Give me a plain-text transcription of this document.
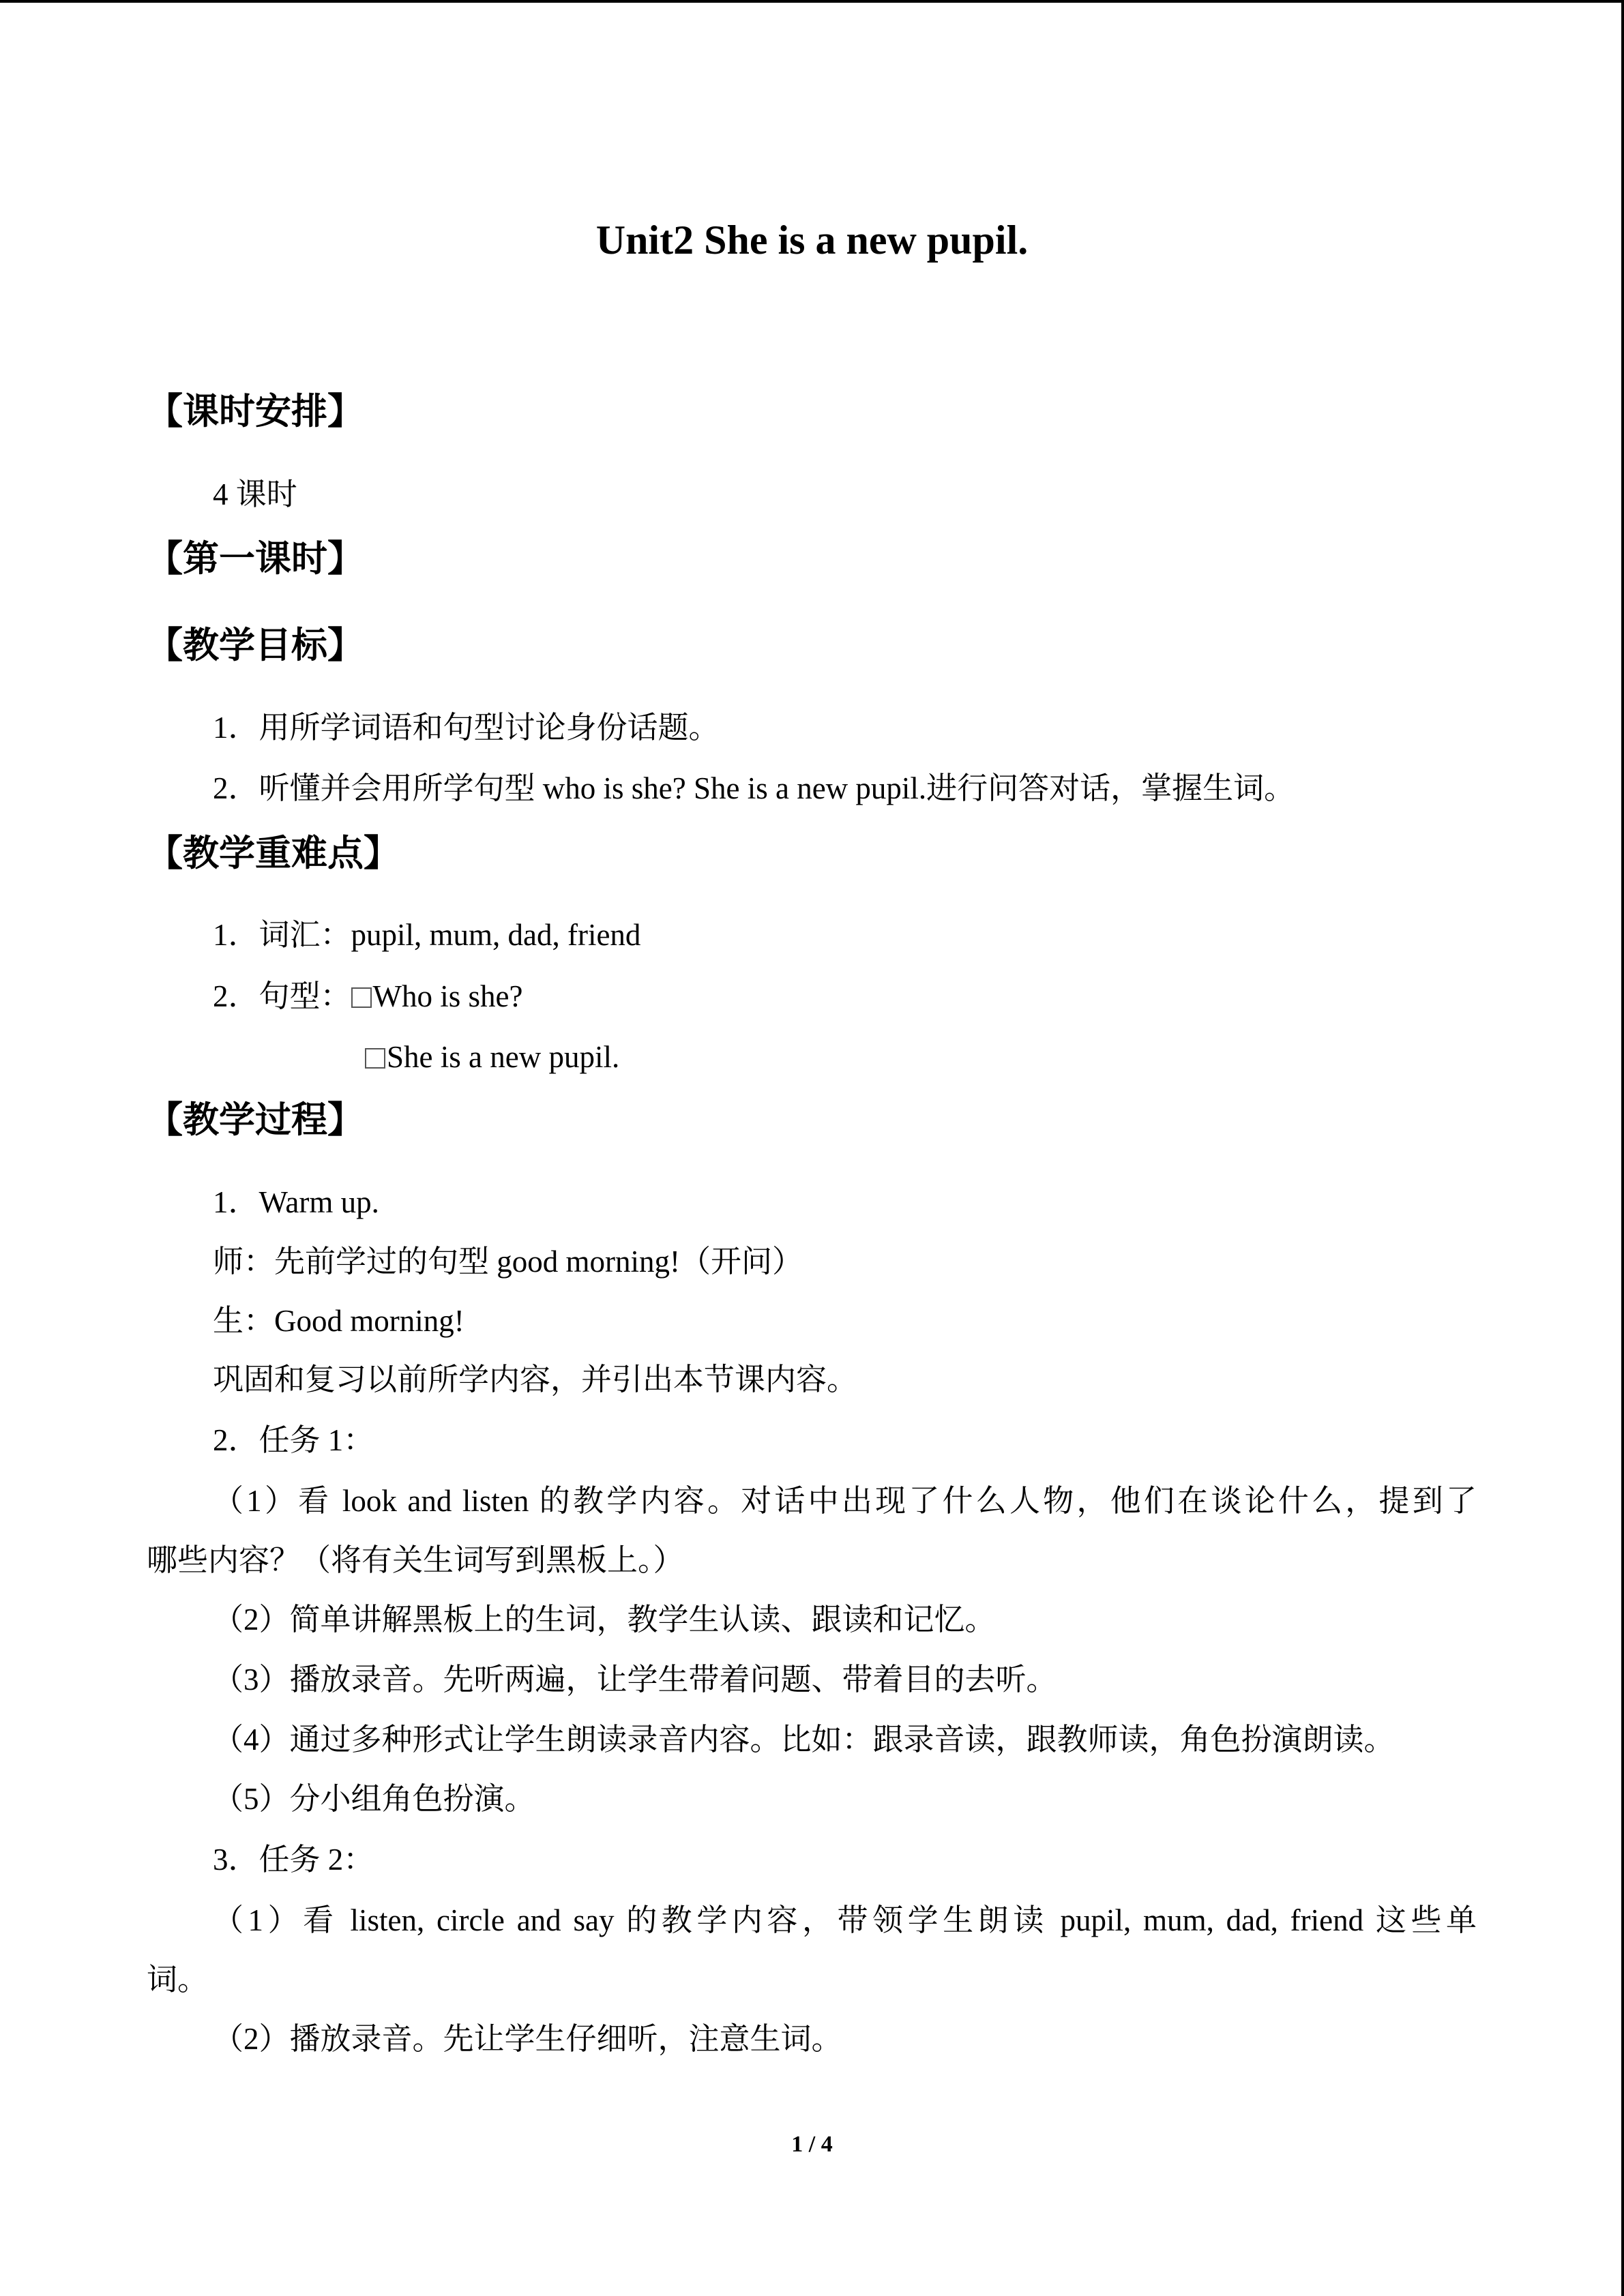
Unit2 She is a new pupil.
【课时安排】
4 课时
【第一课时】
【教学目标】
1．用所学词语和句型讨论身份话题。
2．听懂并会用所学句型 who is she? She is a new pupil.进行问答对话，掌握生词。
【教学重难点】
1．词汇：pupil, mum, dad, friend
2．句型： Who is she?
She is a new pupil.
【教学过程】
1．Warm up.
师：先前学过的句型 good morning!（开问）
生：Good morning!
巩固和复习以前所学内容，并引出本节课内容。
2．任务 1：
（1）看 look and listen 的教学内容。对话中出现了什么人物，他们在谈论什么，提到了
哪些内容？（将有关生词写到黑板上。）
（2）简单讲解黑板上的生词，教学生认读、跟读和记忆。
（3）播放录音。先听两遍，让学生带着问题、带着目的去听。
（4）通过多种形式让学生朗读录音内容。比如：跟录音读，跟教师读，角色扮演朗读。
（5）分小组角色扮演。
3．任务 2：
（1）看 listen, circle and say 的教学内容，带领学生朗读 pupil, mum, dad, friend 这些单
词。
（2）播放录音。先让学生仔细听，注意生词。
1 / 4
